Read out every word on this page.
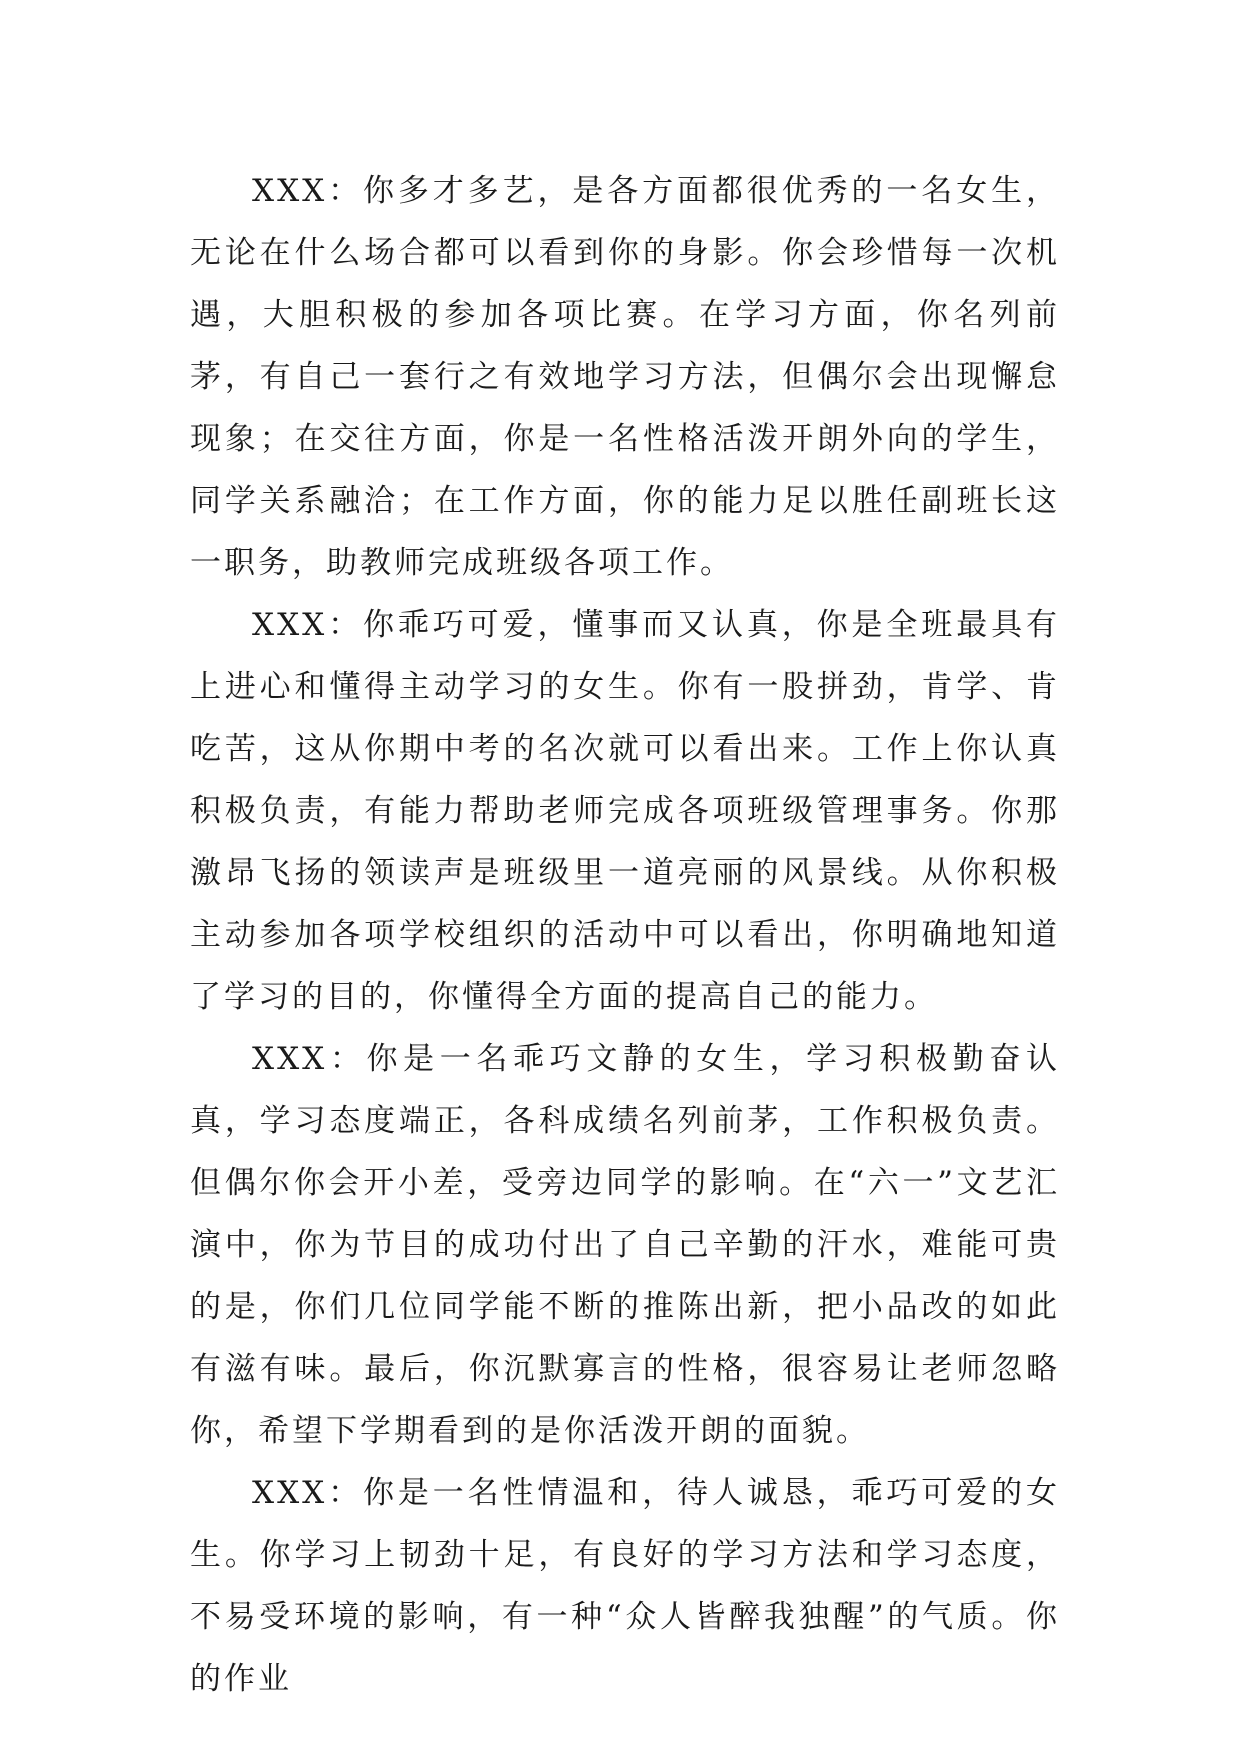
XXX：你多才多艺，是各方面都很优秀的一名女生，无论在什么场合都可以看到你的身影。你会珍惜每一次机遇，大胆积极的参加各项比赛。在学习方面，你名列前茅，有自己一套行之有效地学习方法，但偶尔会出现懈怠现象；在交往方面，你是一名性格活泼开朗外向的学生，同学关系融洽；在工作方面，你的能力足以胜任副班长这一职务，助教师完成班级各项工作。

XXX：你乖巧可爱，懂事而又认真，你是全班最具有上进心和懂得主动学习的女生。你有一股拼劲，肯学、肯吃苦，这从你期中考的名次就可以看出来。工作上你认真积极负责，有能力帮助老师完成各项班级管理事务。你那激昂飞扬的领读声是班级里一道亮丽的风景线。从你积极主动参加各项学校组织的活动中可以看出，你明确地知道了学习的目的，你懂得全方面的提高自己的能力。

XXX：你是一名乖巧文静的女生，学习积极勤奋认真，学习态度端正，各科成绩名列前茅，工作积极负责。但偶尔你会开小差，受旁边同学的影响。在“六一”文艺汇演中，你为节目的成功付出了自己辛勤的汗水，难能可贵的是，你们几位同学能不断的推陈出新，把小品改的如此有滋有味。最后，你沉默寡言的性格，很容易让老师忽略你，希望下学期看到的是你活泼开朗的面貌。

XXX：你是一名性情温和，待人诚恳，乖巧可爱的女生。你学习上韧劲十足，有良好的学习方法和学习态度，不易受环境的影响，有一种“众人皆醉我独醒”的气质。你的作业
